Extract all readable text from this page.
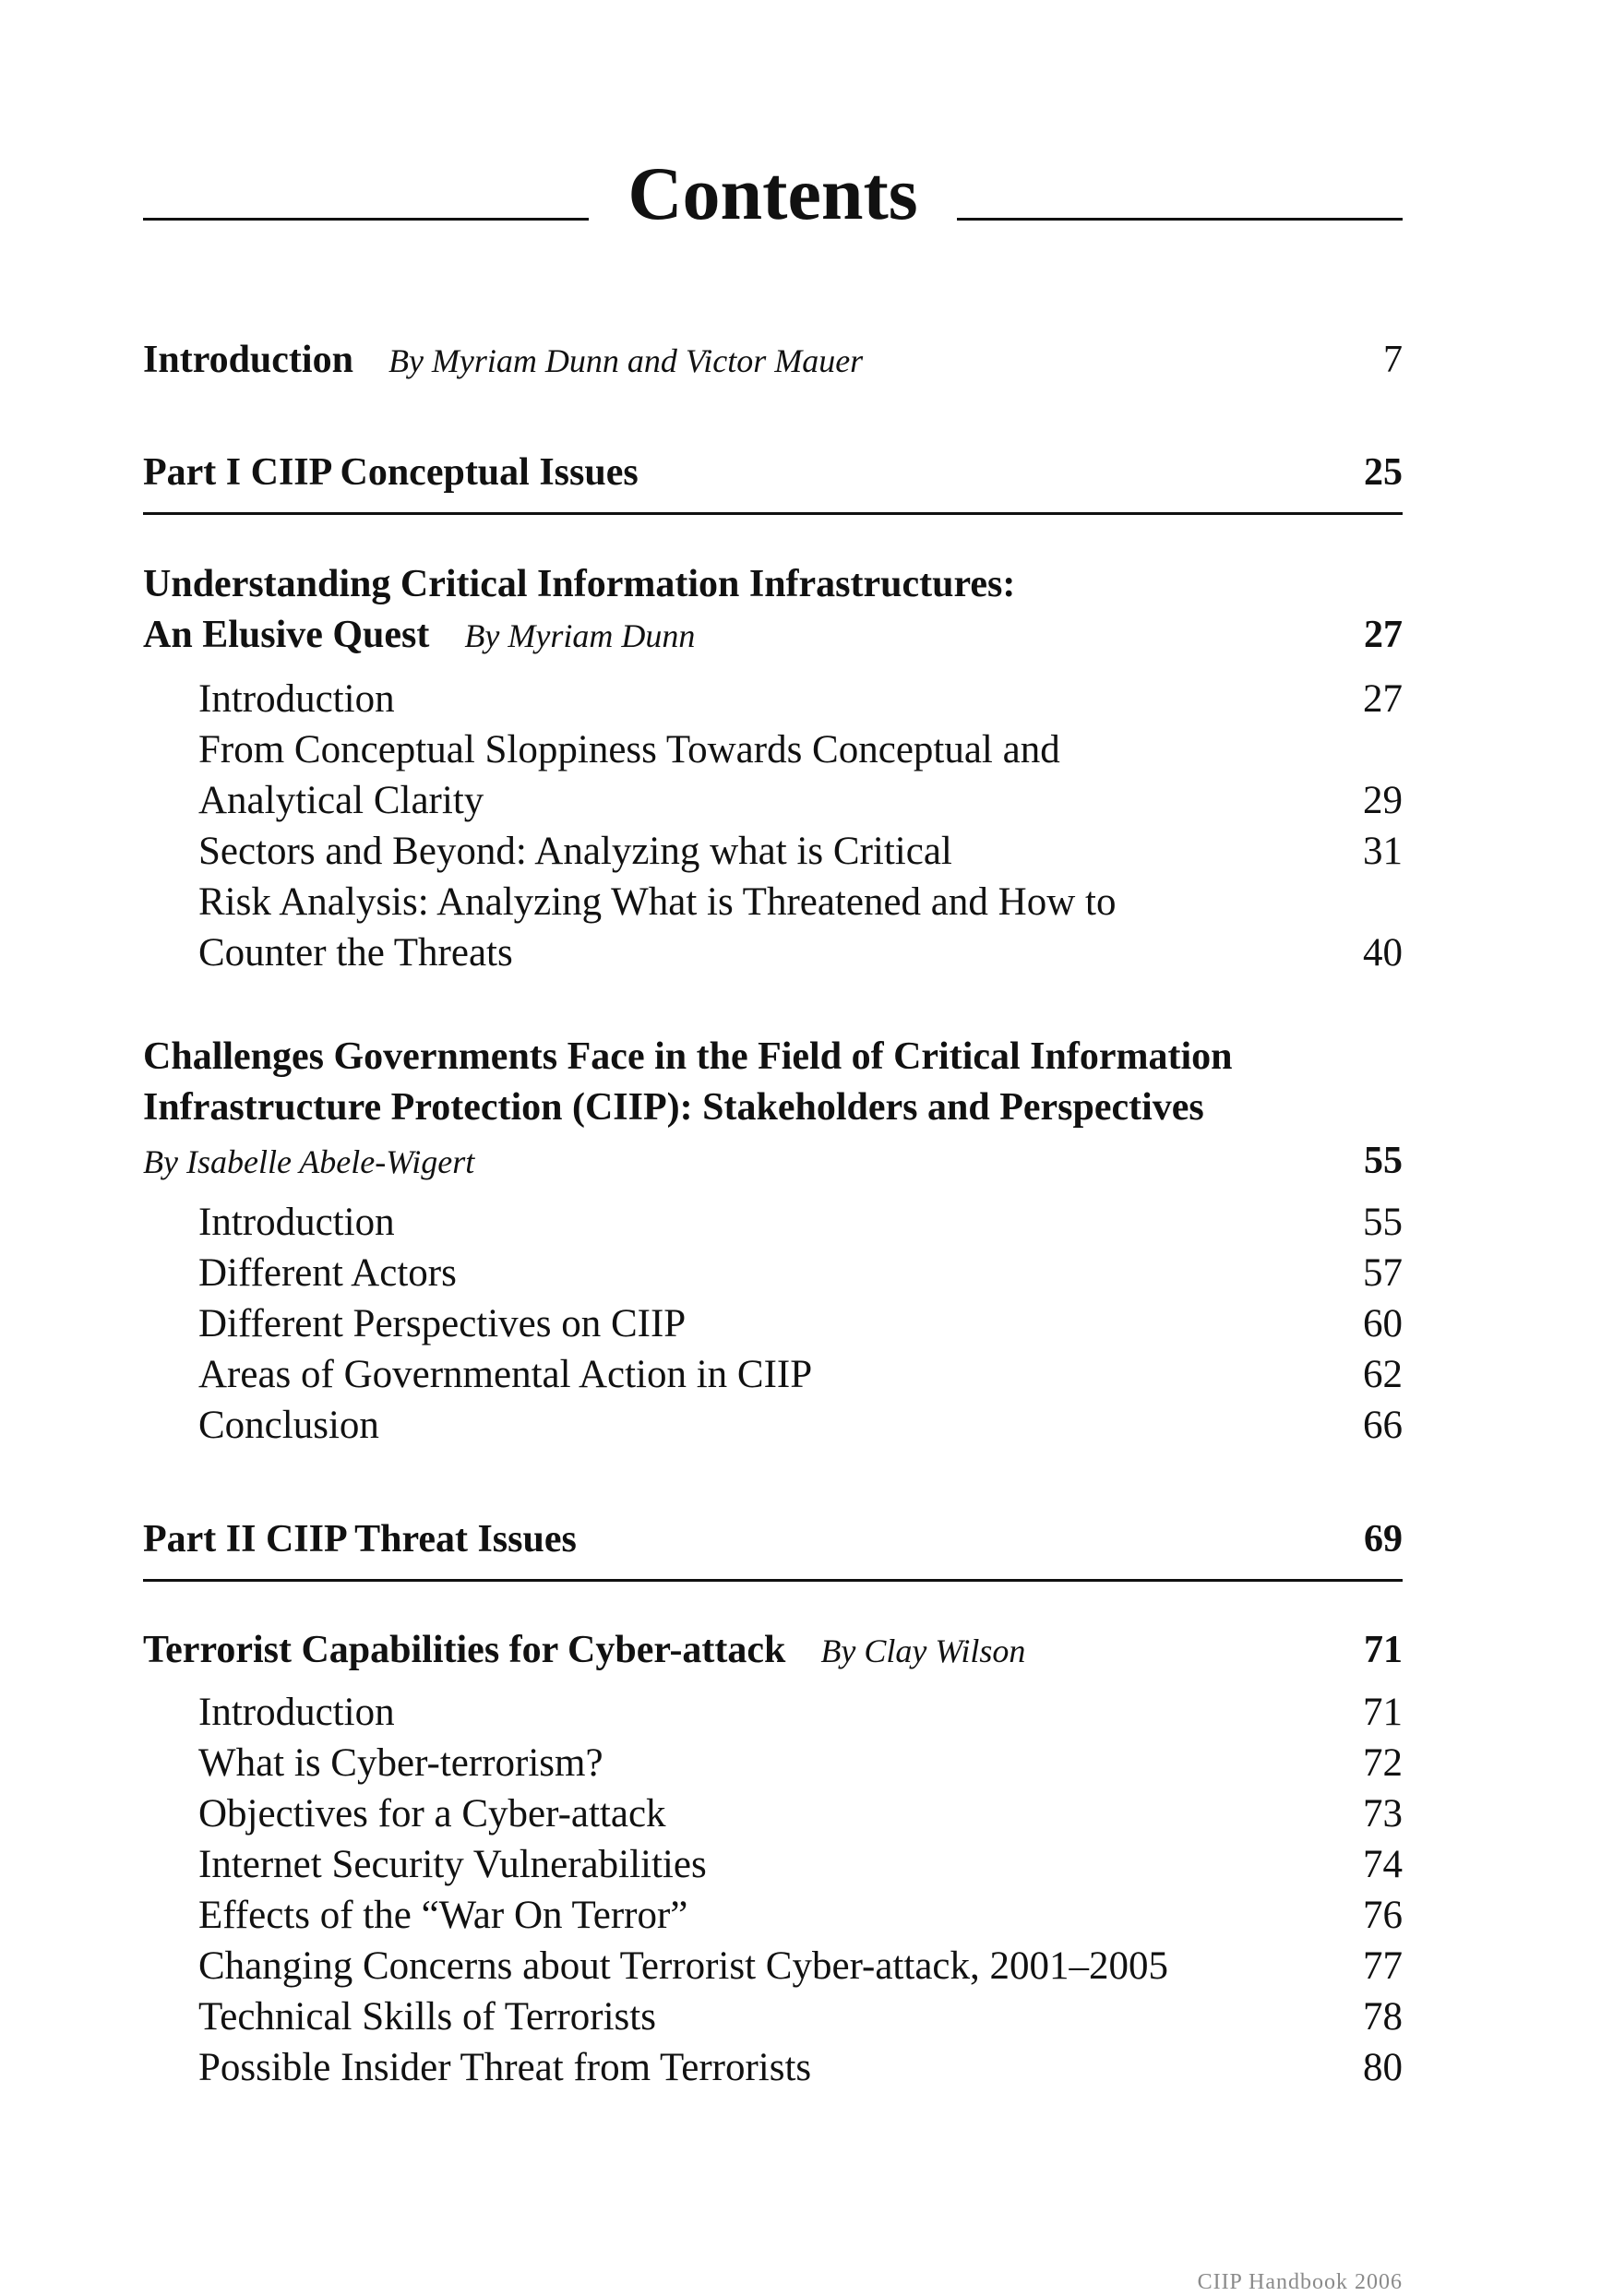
Contents
Introduction By Myriam Dunn and Victor Mauer	7
Part I CIIP Conceptual Issues	25
Understanding Critical Information Infrastructures:
An Elusive Quest By Myriam Dunn	27
Introduction	27
From Conceptual Sloppiness Towards Conceptual and
Analytical Clarity	29
Sectors and Beyond: Analyzing what is Critical	31
Risk Analysis: Analyzing What is Threatened and How to
Counter the Threats	40
Challenges Governments Face in the Field of Critical Information
Infrastructure Protection (CIIP): Stakeholders and Perspectives
By Isabelle Abele-Wigert	55
Introduction	55
Different Actors	57
Different Perspectives on CIIP	60
Areas of Governmental Action in CIIP	62
Conclusion	66
Part II CIIP Threat Issues	69
Terrorist Capabilities for Cyber-attack By Clay Wilson	71
Introduction	71
What is Cyber-terrorism?	72
Objectives for a Cyber-attack	73
Internet Security Vulnerabilities	74
Effects of the “War On Terror”	76
Changing Concerns about Terrorist Cyber-attack, 2001–2005	77
Technical Skills of Terrorists	78
Possible Insider Threat from Terrorists	80
CIIP Handbook 2006
